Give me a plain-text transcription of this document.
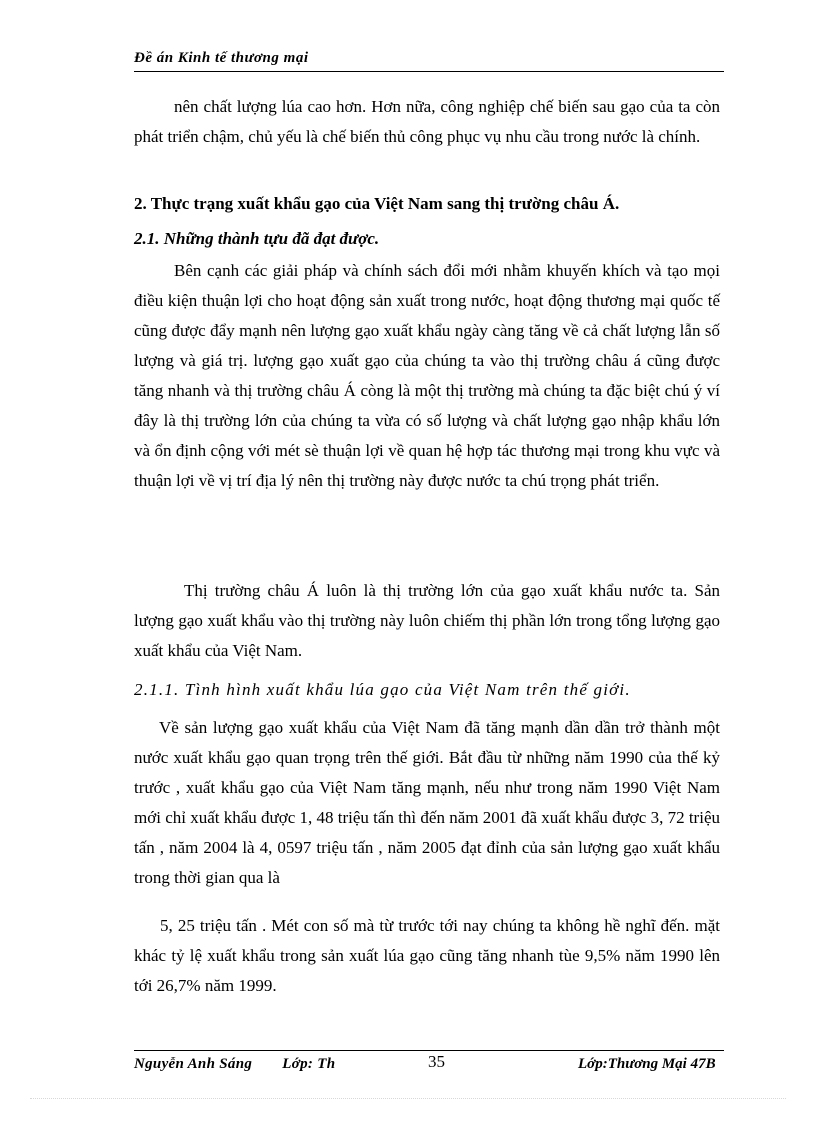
Đề án Kinh tế thương mại
nên chất lượng lúa cao hơn. Hơn nữa, công nghiệp chế biến sau gạo của ta còn phát triển chậm, chủ yếu là chế biến thủ công phục vụ nhu cầu trong nước là chính.
2. Thực trạng xuất khẩu gạo của Việt Nam sang thị trường châu Á.
2.1. Những thành tựu đã đạt được.
Bên cạnh các giải pháp và chính sách đổi mới nhằm khuyến khích và tạo mọi điều kiện thuận lợi cho hoạt động sản xuất trong nước, hoạt động thương mại quốc tế cũng được đẩy mạnh nên lượng gạo xuất khẩu ngày càng tăng về cả chất lượng lẫn số lượng và giá trị. lượng gạo xuất gạo của chúng ta vào thị trường châu á cũng được tăng nhanh và thị trường châu Á còng là một thị trường mà chúng ta đặc biệt chú ý ví đây là thị trường lớn của chúng ta vừa có số lượng và chất lượng gạo nhập khẩu lớn và ổn định cộng với mét sè thuận lợi về quan hệ hợp tác thương mại trong khu vực và thuận lợi về vị trí địa lý nên thị trường này được nước ta chú trọng phát triển.
Thị trường châu Á luôn là thị trường lớn của gạo xuất khẩu nước ta. Sản lượng gạo xuất khẩu vào thị trường này luôn chiếm thị phần lớn trong tổng lượng gạo xuất khẩu của Việt Nam.
2.1.1. Tình hình xuất khẩu lúa gạo của Việt Nam trên thế giới.
Về sản lượng gạo xuất khẩu của Việt Nam đã tăng mạnh dần dần trở thành một nước xuất khẩu gạo quan trọng trên thế giới. Bắt đầu từ những năm 1990 của thế kỷ trước , xuất khẩu gạo của Việt Nam tăng mạnh, nếu như trong năm 1990 Việt Nam mới chỉ xuất khẩu được 1, 48 triệu tấn thì đến năm 2001 đã xuất khẩu được 3, 72 triệu tấn , năm 2004 là 4, 0597 triệu tấn , năm 2005 đạt đỉnh của sản lượng gạo xuất khẩu trong thời gian qua là
5, 25 triệu tấn . Mét con số mà từ trước tới nay chúng ta không hề nghĩ đến. mặt khác tỷ lệ xuất khẩu trong sản xuất lúa gạo cũng tăng nhanh tùe 9,5% năm 1990 lên tới 26,7% năm 1999.
Nguyễn Anh Sáng Lớp: Th	35	Lớp:Thương Mại 47B
